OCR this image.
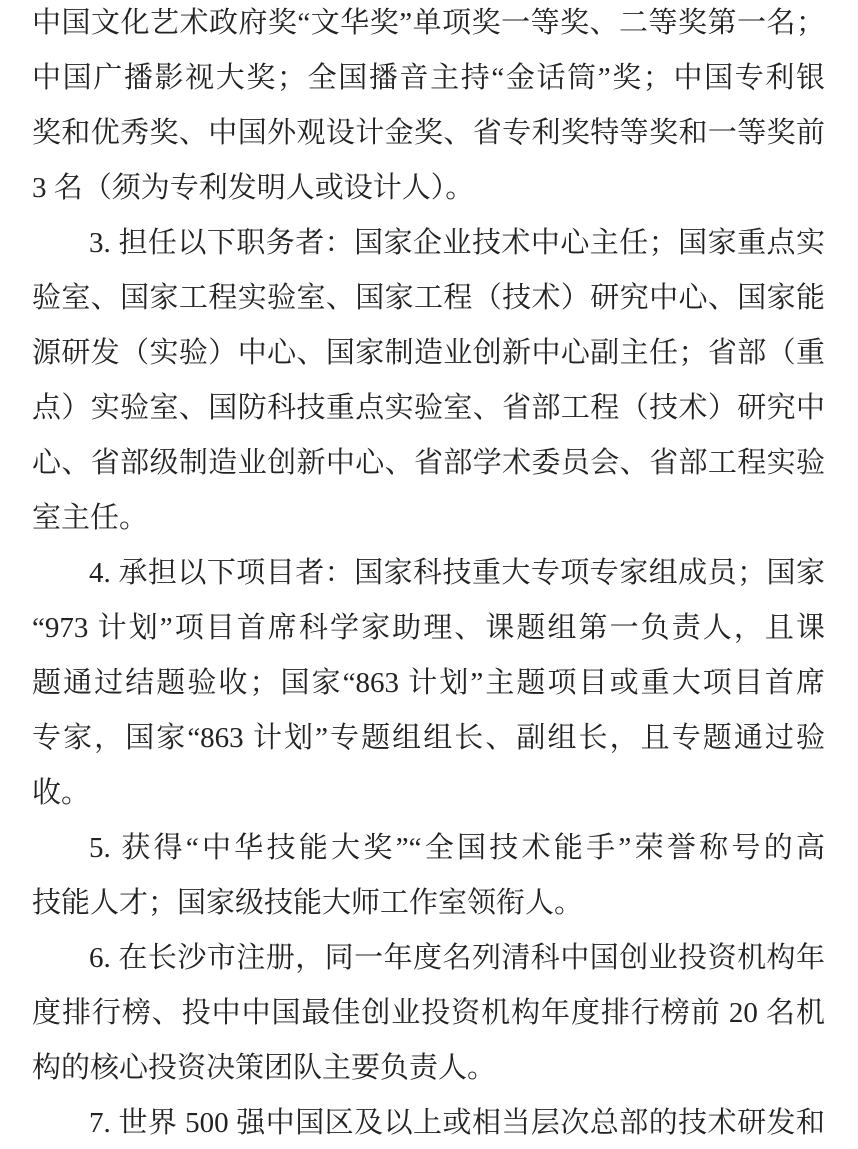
中国文化艺术政府奖“文华奖”单项奖一等奖、二等奖第一名；
中国广播影视大奖；全国播音主持“金话筒”奖；中国专利银
奖和优秀奖、中国外观设计金奖、省专利奖特等奖和一等奖前
3 名（须为专利发明人或设计人）。
3. 担任以下职务者：国家企业技术中心主任；国家重点实
验室、国家工程实验室、国家工程（技术）研究中心、国家能
源研发（实验）中心、国家制造业创新中心副主任；省部（重
点）实验室、国防科技重点实验室、省部工程（技术）研究中
心、省部级制造业创新中心、省部学术委员会、省部工程实验
室主任。
4. 承担以下项目者：国家科技重大专项专家组成员；国家
“973 计划”项目首席科学家助理、课题组第一负责人，且课
题通过结题验收；国家“863 计划”主题项目或重大项目首席
专家，国家“863 计划”专题组组长、副组长，且专题通过验
收。
5. 获得“中华技能大奖”“全国技术能手”荣誉称号的高
技能人才；国家级技能大师工作室领衔人。
6. 在长沙市注册，同一年度名列清科中国创业投资机构年
度排行榜、投中中国最佳创业投资机构年度排行榜前 20 名机
构的核心投资决策团队主要负责人。
7. 世界 500 强中国区及以上或相当层次总部的技术研发和
